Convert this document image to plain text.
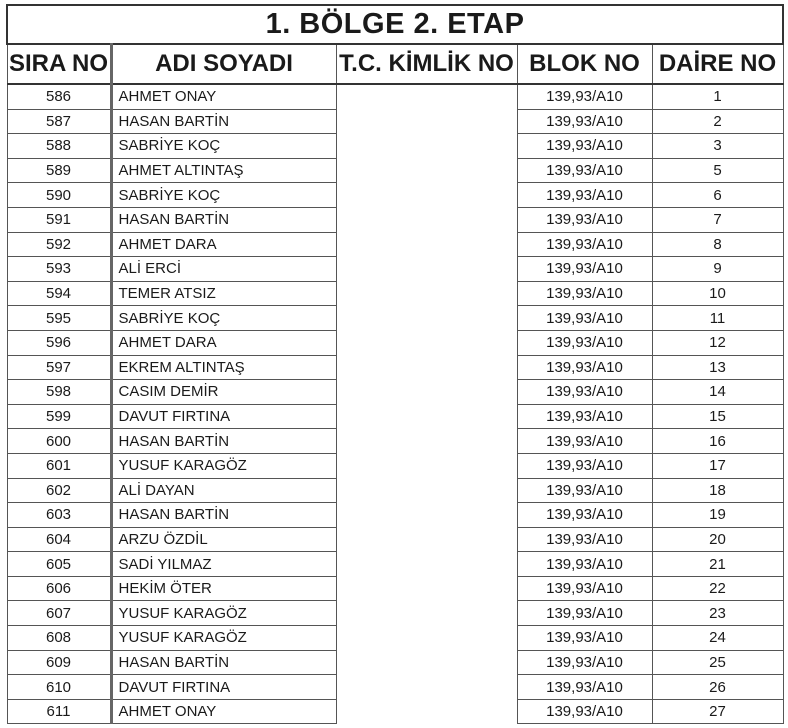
1. BÖLGE 2. ETAP				
SIRA NO	ADI SOYADI	T.C. KİMLİK NO	BLOK NO	DAİRE NO
586	AHMET ONAY		139,93/A10	1
587	HASAN BARTİN		139,93/A10	2
588	SABRİYE KOÇ		139,93/A10	3
589	AHMET ALTINTAŞ		139,93/A10	5
590	SABRİYE KOÇ		139,93/A10	6
591	HASAN BARTİN		139,93/A10	7
592	AHMET DARA		139,93/A10	8
593	ALİ ERCİ		139,93/A10	9
594	TEMER ATSIZ		139,93/A10	10
595	SABRİYE KOÇ		139,93/A10	11
596	AHMET DARA		139,93/A10	12
597	EKREM ALTINTAŞ		139,93/A10	13
598	CASIM DEMİR		139,93/A10	14
599	DAVUT FIRTINA		139,93/A10	15
600	HASAN BARTİN		139,93/A10	16
601	YUSUF KARAGÖZ		139,93/A10	17
602	ALİ DAYAN		139,93/A10	18
603	HASAN BARTİN		139,93/A10	19
604	ARZU ÖZDİL		139,93/A10	20
605	SADİ YILMAZ		139,93/A10	21
606	HEKİM ÖTER		139,93/A10	22
607	YUSUF KARAGÖZ		139,93/A10	23
608	YUSUF KARAGÖZ		139,93/A10	24
609	HASAN BARTİN		139,93/A10	25
610	DAVUT FIRTINA		139,93/A10	26
611	AHMET ONAY		139,93/A10	27
